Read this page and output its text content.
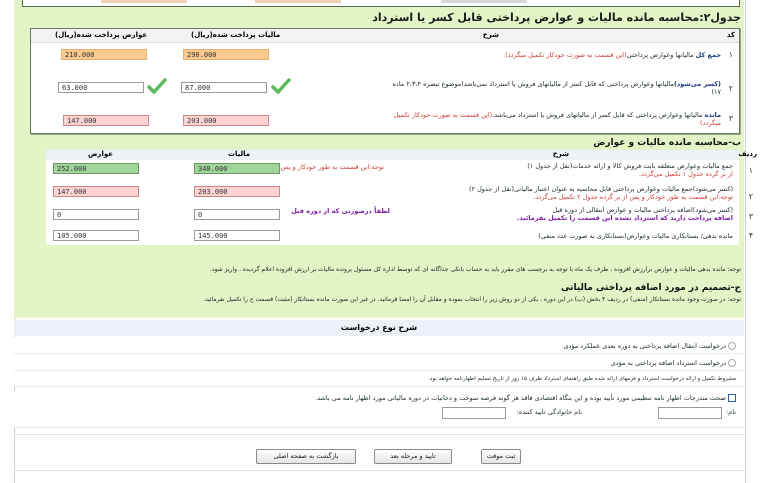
جدول۲:محاسبه مانده مالیات و عوارض پرداختی قابل کسر یا استرداد
کد
شرح
مالیات پرداخت شده(ریال)
عوارض پرداخت شده(ریال)
۱
جمع کل مالیاتها وعوارض پرداختی(این قسمت به صورت خودکار تکمیل میگردد)
290.000
210.000
۲
(کسر می‌شود)مالیاتها وعوارض پرداختی که قابل کسر از مالیاتهای فروش یا استرداد نمی‌باشد(موضوع تبصره ۲،۳،۴ ماده ۱۷)
87.000
63.000
۳
مانده مالیاتها وعوارض پرداختی که قابل کسر از مالیاتهای فروش یا استرداد می‌باشد.(این قسمت به صورت خودکار تکمیل میگردد)
203.000
147.000
ب-محاسبه مانده مالیات و عوارض
ردیف
شرح
مالیات
عوارض
۱
جمع مالیات وعوارض متعلقه بابت فروش کالا و ارائه خدمات(نقل از جدول ۱)
از بر گرده جدول ۱ تکمیل می‌گردد.
توجه:این قسمت به طور خودکار و پس
348.000
252.000
۲
(کسر می‌شود)جمع مالیات وعوارض پرداختی قابل محاسبه به عنوان اعتبار مالیاتی(نقل از جدول ۲)
توجه:این قسمت به طور خودکار و پس از بر گرده جدول ۲ تکمیل می‌گردد.
203.000
147.000
۳
(کسر می‌شود)اضافه پرداختی مالیات و عوارض انتقالی از دوره قبل
اضافه پرداخت دارید که استرداد نشده این قسمت را تکمیل نفرمائید.
لطفاً درصورتی که از دوره قبل
0
0
۴
مانده بدهی/ بستانکاری مالیات وعوارض(بستانکاری به صورت عدد منفی)
145.000
105.000
توجه: مانده بدهی مالیات و عوارض برارزش افزوده ، ظرف یک ماه با توجه به برچسب های مقرر باید به حساب بانکی جداگانه ای که توسط اداره کل مسئول پرونده مالیات بر ارزش افزوده اعلام گردیده ، واریز شود.
ج-تصمیم در مورد اضافه پرداختی مالیاتی
توجه: در صورت وجود مانده بستانکار (منفی) در ردیف ۴ بخش (ب) در این دوره ، یکی از دو روش زیر را انتخاب نموده و مقابل آن را امضا فرمائید. در غیر این صورت مانده بستانکار (مثبت) قسمت ج را تکمیل نفرمائید.
شرح نوع درخواست
درخواست انتقال اضافه پرداختی به دوره بعدی عملکرد مؤدی
درخواست استرداد اضافه پرداختی به مؤدی
مشروط تکمیل و ارائه درخواست استرداد و فرمهای ارائه شده طبق راهنمای استرداد ظرف ۱۵ روز از تاریخ تسلیم اظهارنامه خواهد بود.
صحت مندرجات اظهار نامه تنظیمی مورد تأیید بوده و این بنگاه اقتصادی فاقد هر گونه فرصه سوخت و دخانیات در دوره مالیاتی مورد اظهار نامه می باشد.
نام:
نام خانوادگی تایید کننده:
ثبت موقت
تایید و مرحله بعد
بازگشت به صفحه اصلی
